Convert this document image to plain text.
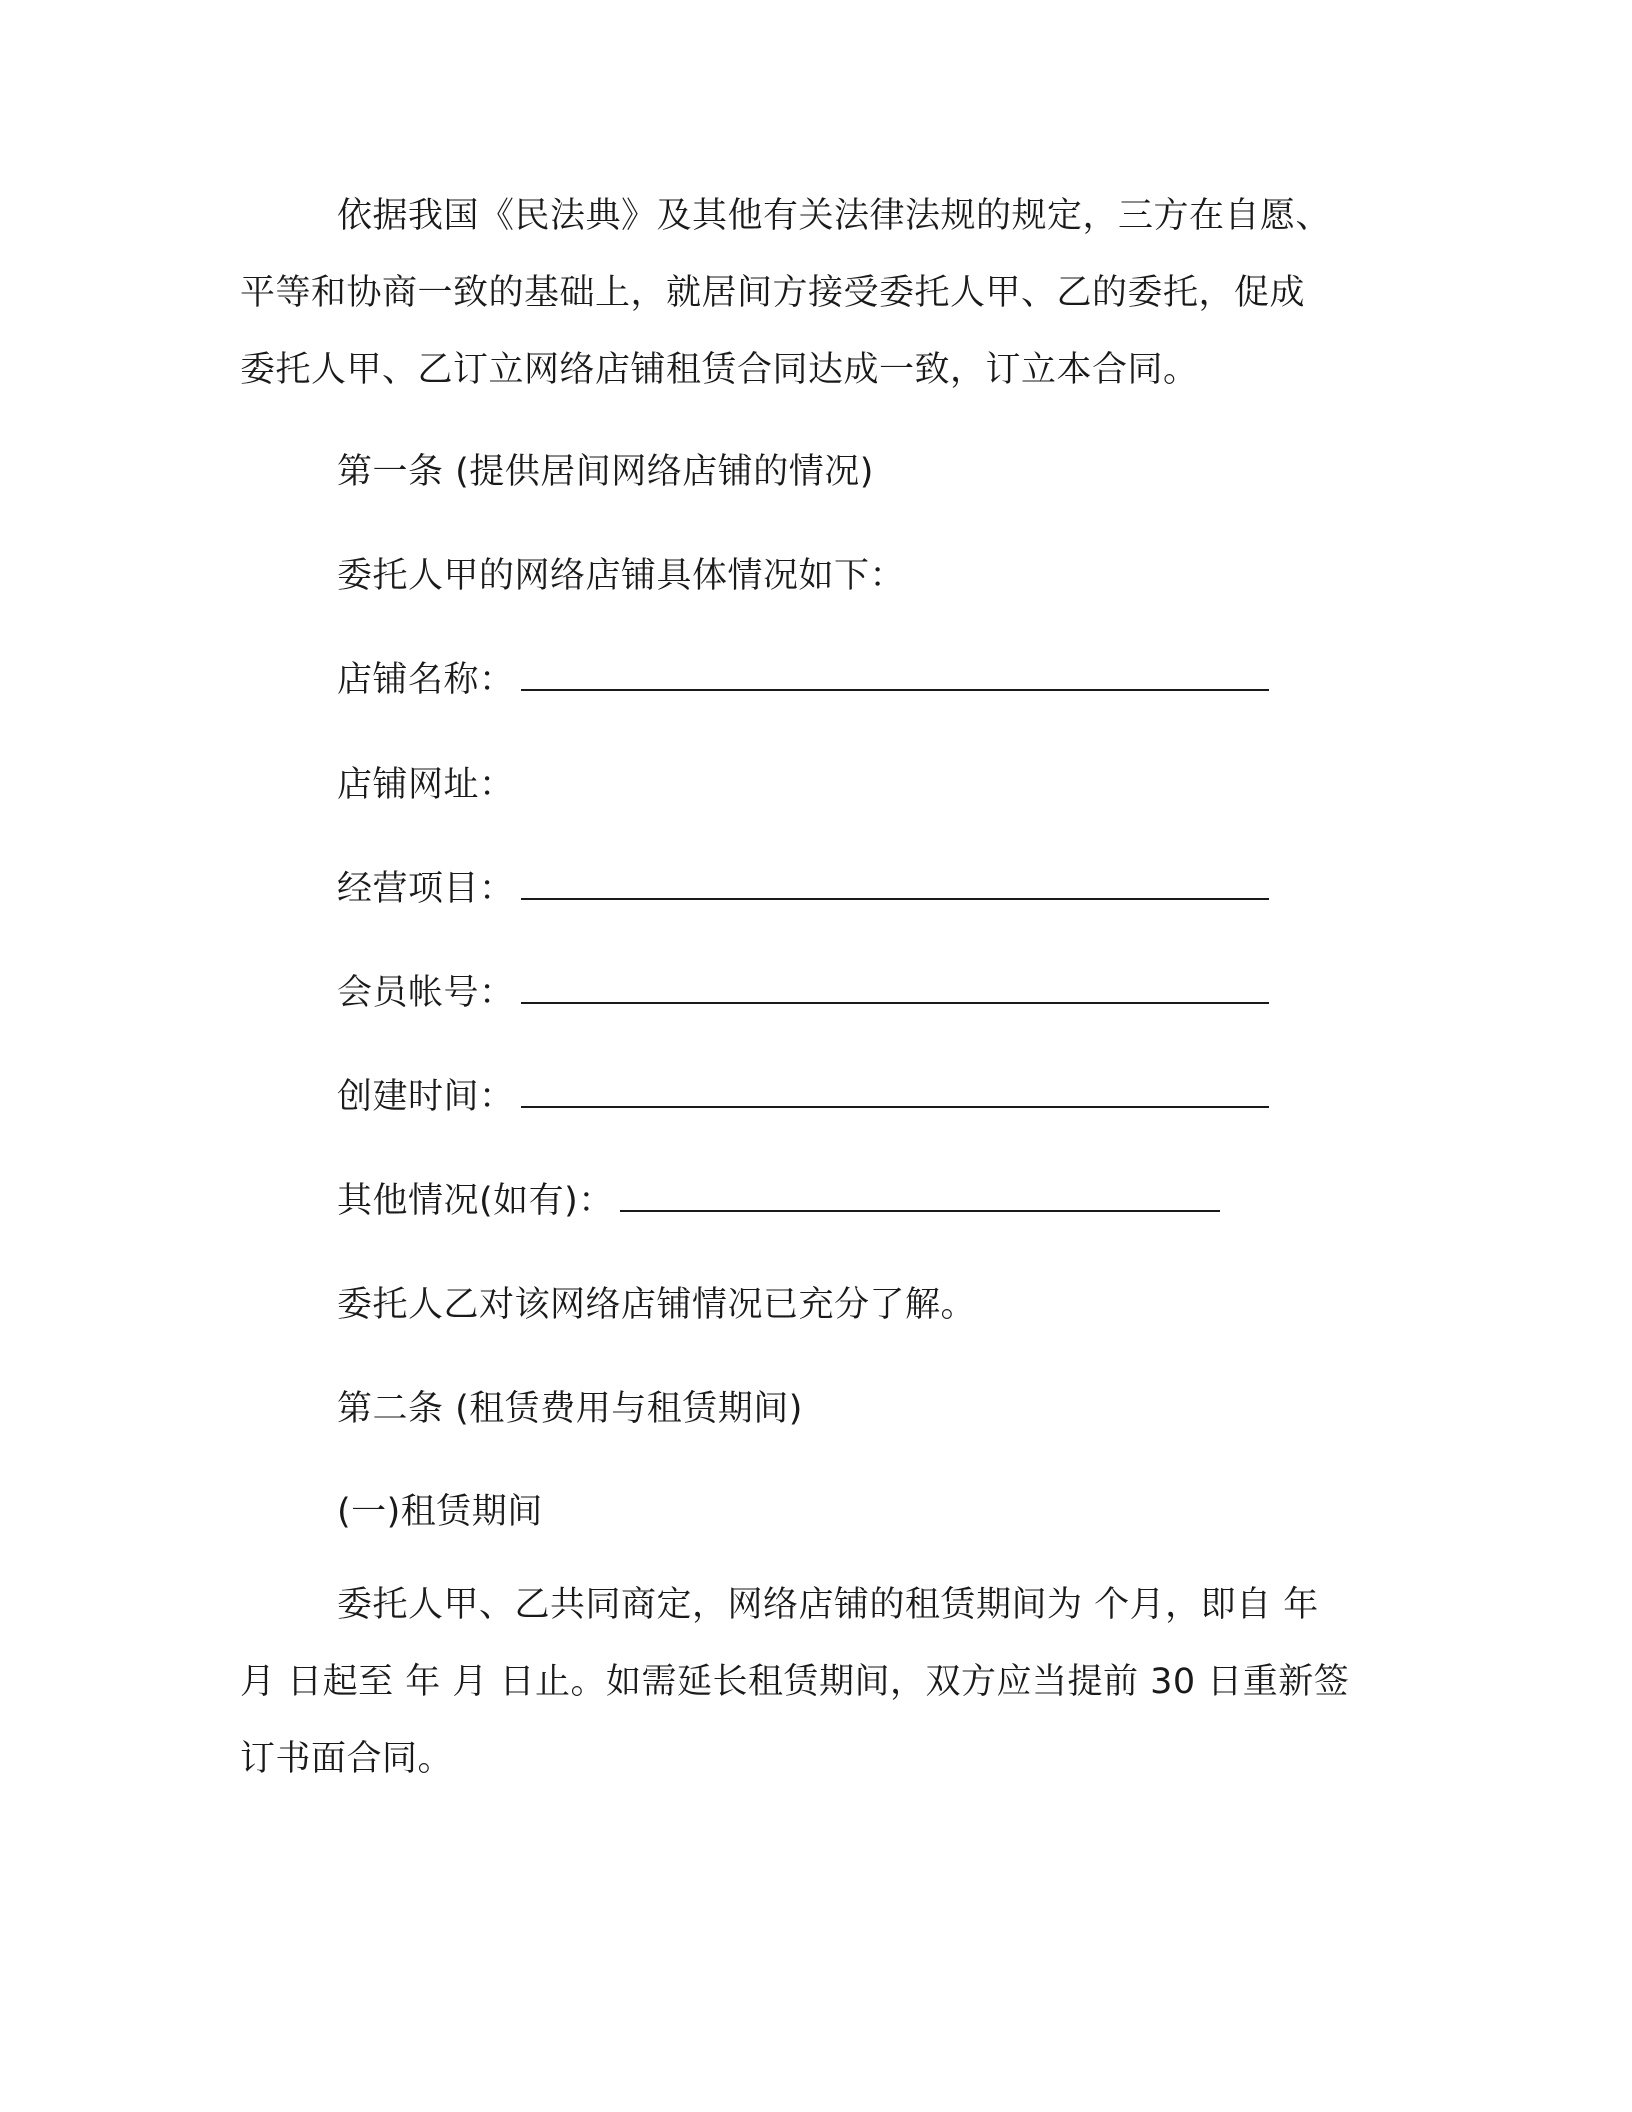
依据我国《民法典》及其他有关法律法规的规定，三方在自愿、
平等和协商一致的基础上，就居间方接受委托人甲、乙的委托，促成
委托人甲、乙订立网络店铺租赁合同达成一致，订立本合同。
第一条 (提供居间网络店铺的情况)
委托人甲的网络店铺具体情况如下：
店铺名称：
店铺网址：
经营项目：
会员帐号：
创建时间：
其他情况(如有)：
委托人乙对该网络店铺情况已充分了解。
第二条 (租赁费用与租赁期间)
(一)租赁期间
委托人甲、乙共同商定，网络店铺的租赁期间为 个月，即自 年
月 日起至 年 月 日止。如需延长租赁期间，双方应当提前 30 日重新签
订书面合同。
